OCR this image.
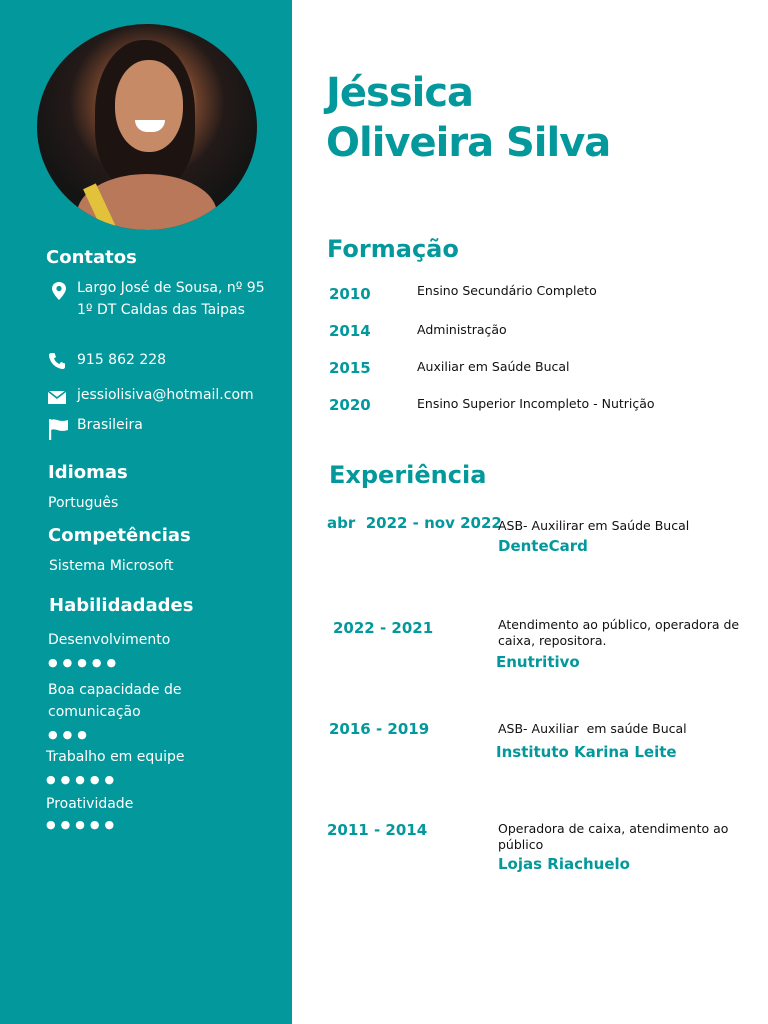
Contatos
Largo José de Sousa, nº 95
1º DT Caldas das Taipas
915 862 228
jessiolisiva@hotmail.com
Brasileira
Idiomas
Português
Competências
Sistema Microsoft
Habilidadades
Desenvolvimento
●●●●●
Boa capacidade de
comunicação
●●●
Trabalho em equipe
●●●●●
Proatividade
●●●●●
Jéssica
Oliveira Silva
Formação
2010	Ensino Secundário Completo
2014	Administração
2015	Auxiliar em Saúde Bucal
2020	Ensino Superior Incompleto - Nutrição
Experiência
abr  2022 - nov 2022
ASB- Auxilirar em Saúde Bucal
DenteCard
2022 - 2021	Atendimento ao público, operadora de
caixa, repositora.
Enutritivo
2016 - 2019	ASB- Auxiliar  em saúde Bucal
Instituto Karina Leite
2011 - 2014	Operadora de caixa, atendimento ao
público
Lojas Riachuelo
